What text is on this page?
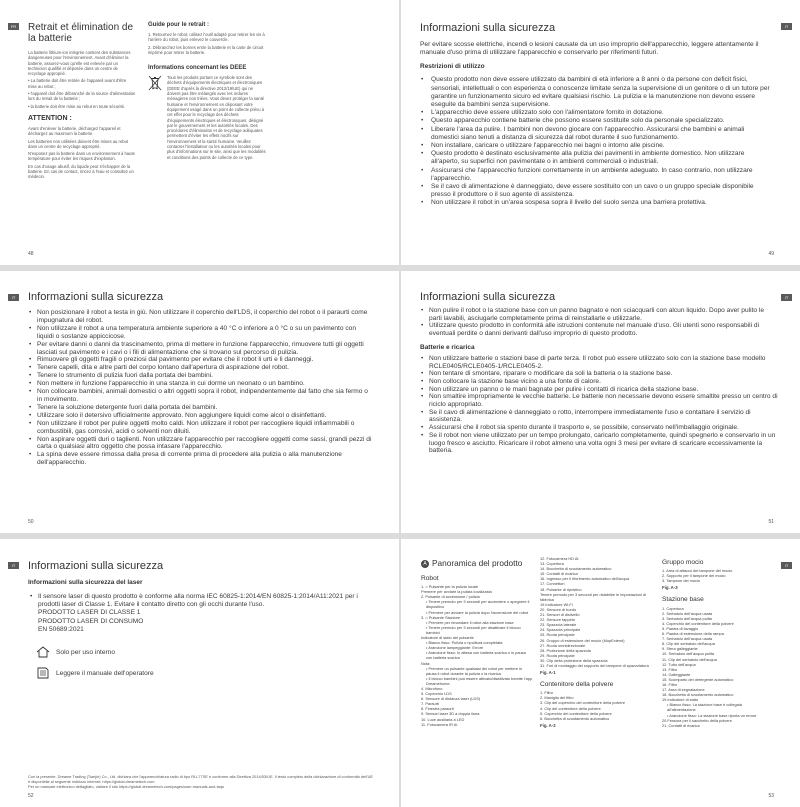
FR Retrait et élimination de la batterie

La batterie lithium-ion intégrée contient des substances dangereuses pour l'environnement. Avant d'éliminer la batterie, assurez-vous qu'elle est enlevée par un technicien qualifié et déposée dans un centre de recyclage approprié.

• La batterie doit être retirée de l'appareil avant d'être mise au rebut ;

• l'appareil doit être débranché de la source d'alimentation lors du retrait de la batterie ;

• la batterie doit être mise au rebut en toute sécurité.

ATTENTION :

Avant d'enlever la batterie, déchargez l'appareil et déchargez au maximum la batterie.

Les batteries non utilisées doivent être mises au rebut dans un centre de recyclage approprié.

N'exposez pas la batterie dans un environnement à haute température pour éviter les risques d'explosion.

En cas d'usage abusif, du liquide peut s'échapper de la batterie. En cas de contact, rincez à l'eau et consultez un médecin.

Guide pour le retrait :

1. Retournez le robot, utilisez l'outil adapté pour retirer les vis à l'arrière du robot, puis enlevez le couvercle.

2. Débranchez les bornes entre la batterie et la carte de circuit imprimé pour retirer la batterie.

Informations concernant les DEEE
Tous les produits portant ce symbole sont des déchets d'équipements électriques et électroniques (DEEE d'après la directive 2012/19/UE) qui ne doivent pas être mélangés avec les ordures ménagères non triées. Vous devez protéger la santé humaine et l'environnement en déposant votre équipement usagé dans un point de collecte prévu à cet effet pour le recyclage des déchets d'équipements électriques et électroniques, désigné par le gouvernement et les autorités locales. Des procédures d'élimination et de recyclage adéquates permettent d'éviter les effets nocifs sur l'environnement et la santé humaine. Veuillez contacter l'installateur ou les autorités locales pour plus d'informations sur le site, ainsi que les modalités et conditions des points de collecte de ce type.
48
IT
Informazioni sulla sicurezza
Per evitare scosse elettriche, incendi o lesioni causate da un uso improprio dell'apparecchio, leggere attentamente il manuale d'uso prima di utilizzare l'apparecchio e conservarlo per riferimenti futuri.
Restrizioni di utilizzo
• Questo prodotto non deve essere utilizzato da bambini di età inferiore a 8 anni o da persone con deficit fisici, sensoriali, intellettuali o con esperienza o conoscenze limitate senza la supervisione di un genitore o di un tutore per garantire un funzionamento sicuro ed evitare qualsiasi rischio. La pulizia e la manutenzione non devono essere eseguite da bambini senza supervisione.
• L'apparecchio deve essere utilizzato solo con l'alimentatore fornito in dotazione.
• Questo apparecchio contiene batterie che possono essere sostituite solo da personale specializzato.
• Liberare l'area da pulire. I bambini non devono giocare con l'apparecchio. Assicurarsi che bambini e animali domestici siano tenuti a distanza di sicurezza dal robot durante il suo funzionamento.
• Non installare, caricare o utilizzare l'apparecchio nei bagni o intorno alle piscine.
• Questo prodotto è destinato esclusivamente alla pulizia dei pavimenti in ambiente domestico. Non utilizzare all'aperto, su superfici non pavimentate o in ambienti commerciali o industriali.
• Assicurarsi che l'apparecchio funzioni correttamente in un ambiente adeguato. In caso contrario, non utilizzare l'apparecchio.
• Se il cavo di alimentazione è danneggiato, deve essere sostituito con un cavo o un gruppo speciale disponibile presso il produttore o il suo agente di assistenza.
• Non utilizzare il robot in un'area sospesa sopra il livello del suolo senza una barriera protettiva.
49
IT	Informazioni sulla sicurezza
• Non posizionare il robot a testa in giù. Non utilizzare il coperchio dell'LDS, il coperchio del robot o il paraurti come impugnatura del robot.
• Non utilizzare il robot a una temperatura ambiente superiore a 40 °C o inferiore a 0 °C o su un pavimento con liquidi o sostanze appiccicose.
• Per evitare danni o danni da trascinamento, prima di mettere in funzione l'apparecchio, rimuovere tutti gli oggetti lasciati sul pavimento e i cavi o i fili di alimentazione che si trovano sul percorso di pulizia.
• Rimuovere gli oggetti fragili o preziosi dal pavimento per evitare che il robot li urti e li danneggi.
• Tenere capelli, dita e altre parti del corpo lontano dall'apertura di aspirazione del robot.
• Tenere lo strumento di pulizia fuori dalla portata dei bambini.
• Non mettere in funzione l'apparecchio in una stanza in cui dorme un neonato o un bambino.
• Non collocare bambini, animali domestici o altri oggetti sopra il robot, indipendentemente dal fatto che sia fermo o in movimento.
• Tenere la soluzione detergente fuori dalla portata dei bambini.
• Utilizzare solo il detersivo ufficialmente approvato. Non aggiungere liquidi come alcol o disinfettanti.
• Non utilizzare il robot per pulire oggetti molto caldi. Non utilizzare il robot per raccogliere liquidi infiammabili o combustibili, gas corrosivi, acidi o solventi non diluiti.
• Non aspirare oggetti duri o taglienti. Non utilizzare l'apparecchio per raccogliere oggetti come sassi, grandi pezzi di carta o qualsiasi altro oggetto che possa intasare l'apparecchio.
• La spina deve essere rimossa dalla presa di corrente prima di procedere alla pulizia o alla manutenzione dell'apparecchio.
50
IT
Informazioni sulla sicurezza
• Non pulire il robot o la stazione base con un panno bagnato e non sciacquarli con alcun liquido. Dopo aver pulito le parti lavabili, asciugarle completamente prima di reinstallarle e utilizzarle.
• Utilizzare questo prodotto in conformità alle istruzioni contenute nel manuale d'uso. Gli utenti sono responsabili di eventuali perdite o danni derivanti dall'uso improprio di questo prodotto.
Batterie e ricarica
• Non utilizzare batterie o stazioni base di parte terza. Il robot può essere utilizzato solo con la stazione base modello RCLE0405/RCLE0405-1/RCLE0405-2.
• Non tentare di smontare, riparare o modificare da soli la batteria o la stazione base.
• Non collocare la stazione base vicino a una fonte di calore.
• Non utilizzare un panno o le mani bagnate per pulire i contatti di ricarica della stazione base.
• Non smaltire impropriamente le vecchie batterie. Le batterie non necessarie devono essere smaltite presso un centro di riciclo appropriato.
• Se il cavo di alimentazione è danneggiato o rotto, interrompere immediatamente l'uso e contattare il servizio di assistenza.
• Assicurarsi che il robot sia spento durante il trasporto e, se possibile, conservato nell'imballaggio originale.
• Se il robot non viene utilizzato per un tempo prolungato, caricarlo completamente, quindi spegnerlo e conservarlo in un luogo fresco e asciutto. Ricaricare il robot almeno una volta ogni 3 mesi per evitare di scaricare eccessivamente la batteria.
51
IT	Informazioni sulla sicurezza
Informazioni sulla sicurezza del laser
• Il sensore laser di questo prodotto è conforme alla norma IEC 60825-1:2014/EN 60825-1:2014/A11:2021 per i prodotti laser di Classe 1. Evitare il contatto diretto con gli occhi durante l'uso.
PRODOTTO LASER DI CLASSE 1
PRODOTTO LASER DI CONSUMO
EN 50689:2021
Solo per uso interno
Leggere il manuale dell'operatore
Con la presente, Dreame Trading (Tianjin) Co., Ltd. dichiara che l'apparecchiatura radio di tipo RLL77SE è conforme alla Direttiva 2014/53/UE. Il testo completo della dichiarazione di conformità dell'UE è disponibile al seguente indirizzo internet: https://global.dreametech.com
Per un manuale elettronico dettagliato, visitare il sito https://global.dreametech.com/pages/user-manuals-and-faqs
52
IT
A Panoramica del prodotto
Robot
1. ⌂ Pulsante per la pulizia locale
Premere per avviare la pulizia localizzata
2. Pulsante di accensione / pulizia
• Tenere premuto per 3 secondi per accendere o spegnere il dispositivo
• Premere per avviare la pulizia dopo l'accensione del robot
3. ⌂ Pulsante Stazione
• Premere per rimandare il robot alla stazione base
• Tenere premuto per 3 secondi per disattivare il blocco bambini
Indicatore di stato del pulsante
• Bianco fisso: Pulizia o ripulitura completata
• Arancione lampeggiante: Errore
• Arancione fisso: In attesa con batteria scarica o in pausa con batteria scarica
Nota:
• Premere un pulsante qualsiasi del robot per mettere in pausa il robot durante la pulizia o la ricarica.
• Il blocco bambini può essere attivato/disattivato tramite l'app Dreamehome.
4. Microfono
5. Coperchio LDS
6. Sensore di distanza laser (LDS)
7. Paraurti
8. Finestra paraurti
9. Sensori laser 3D a doppia linea
10. Luce ausiliaria a LED
11. Fotocamera IR AI
12. Fotocamera HD AI
13. Copertura
14. Bocchetta di svuotamento automatico
15. Contatti di ricarica
16. Ingresso per il riforimento automatico dell'acqua
17. Connettori
18. Pulsante di ripristino
Tenere premuto per 3 secondi per ristabilire le impostazioni di fabbrica
19.Indicatore Wi-Fi
20. Sensore di bordo
21. Sensori di dislivello
22. Sensore tappeto
23. Spazzola laterale
24. Spazzola principale
25. Ruota principale
26. Gruppo di estensione del mocio (MopExtend)
27. Ruota omnidirezionale
28. Protezione della spazzola
29. Ruota principale
30. Clip della protezione della spazzola
31. Fori di montaggio del supporto del tampone di spazzolatura
Fig. A-1
Contenitore della polvere
1. Filtro
2. Maniglia del filtro
3. Clip del coperchio del contenitore della polvere
4. Clip del contenitore della polvere
5. Coperchio del contenitore della polvere
6. Bocchetta di svuotamento automatico
Fig. A-2
Gruppo mocio
1. Area di attacco del tampone del mocio
2. Supporto per il tampone del mocio
3. Tampone del mocio
Fig. A-3
Stazione base
1. Copertura
2. Serbatoio dell'acqua usata
3. Serbatoio dell'acqua pulita
4. Coperchio del contenitore della polvere
5. Piastra di lavaggio
6. Piastra di estensione della rampa
7. Serbatoio dell'acqua usata
8. Clip del serbatoio dell'acqua
9. Sfera galleggiante
10. Serbatoio dell'acqua pulita
11. Clip del serbatoio dell'acqua
12. Tubo dell'acqua
13. Filtro
14. Galleggiante
15. Scomparto del detergente automatico
16. Filtro
17. Area di segnalazione
18. Bocchetta di svuotamento automatico
19.Indicatore di stato
• Bianco fisso: La stazione base è collegata all'alimentazione
• Arancione fisso: La stazione base riporta un errore
20.Fessura per il sacchetto della polvere
21. Contatti di ricarica
53
